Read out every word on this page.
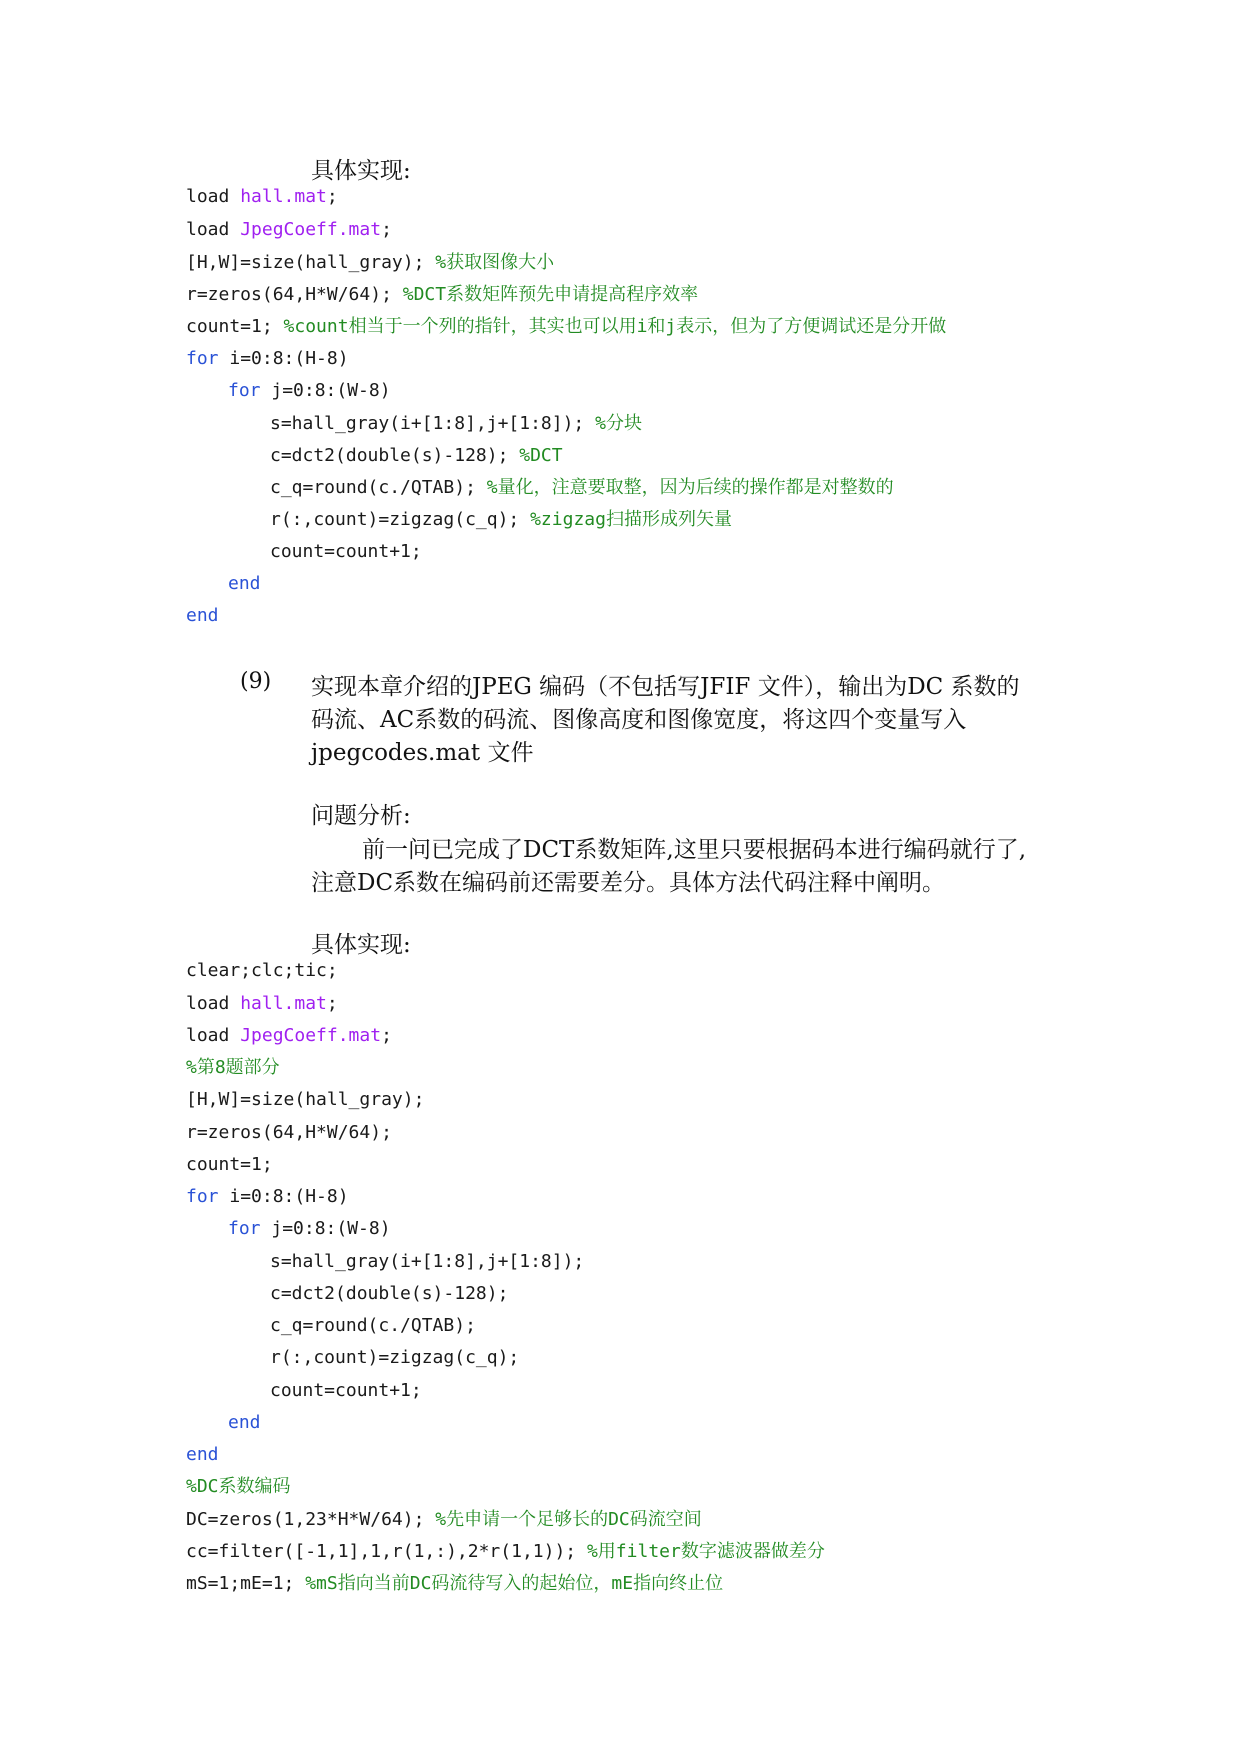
具体实现:
load hall.mat;
load JpegCoeff.mat;
[H,W]=size(hall_gray); %获取图像大小
r=zeros(64,H*W/64); %DCT系数矩阵预先申请提高程序效率
count=1; %count相当于一个列的指针，其实也可以用i和j表示，但为了方便调试还是分开做
for i=0:8:(H-8)
for j=0:8:(W-8)
s=hall_gray(i+[1:8],j+[1:8]); %分块
c=dct2(double(s)-128); %DCT
c_q=round(c./QTAB); %量化，注意要取整，因为后续的操作都是对整数的
r(:,count)=zigzag(c_q); %zigzag扫描形成列矢量
count=count+1;
end
end
(9) 实现本章介绍的JPEG 编码（不包括写JFIF 文件），输出为DC 系数的
码流、AC系数的码流、图像高度和图像宽度，将这四个变量写入
jpegcodes.mat 文件
问题分析:
前一问已完成了DCT系数矩阵,这里只要根据码本进行编码就行了,
注意DC系数在编码前还需要差分。具体方法代码注释中阐明。
具体实现:
clear;clc;tic;
load hall.mat;
load JpegCoeff.mat;
%第8题部分
[H,W]=size(hall_gray);
r=zeros(64,H*W/64);
count=1;
for i=0:8:(H-8)
for j=0:8:(W-8)
s=hall_gray(i+[1:8],j+[1:8]);
c=dct2(double(s)-128);
c_q=round(c./QTAB);
r(:,count)=zigzag(c_q);
count=count+1;
end
end
%DC系数编码
DC=zeros(1,23*H*W/64); %先申请一个足够长的DC码流空间
cc=filter([-1,1],1,r(1,:),2*r(1,1)); %用filter数字滤波器做差分
mS=1;mE=1; %mS指向当前DC码流待写入的起始位，mE指向终止位
